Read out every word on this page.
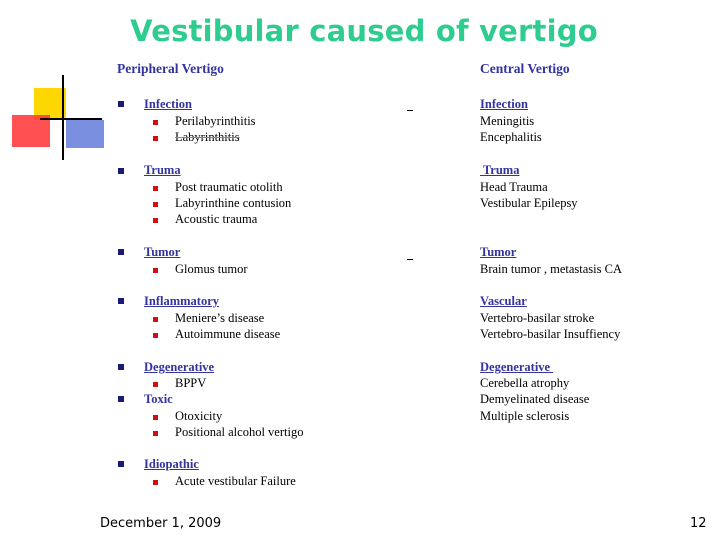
Vestibular caused of vertigo
Peripheral Vertigo
Infection
Perilabyrinthitis
Labyrinthitis
Truma
Post traumatic otolith
Labyrinthine contusion
Acoustic trauma
Tumor
Glomus tumor
Inflammatory
Meniere’s disease
Autoimmune disease
Degenerative
BPPV
Toxic
Otoxicity
Positional alcohol vertigo
Idiopathic
Acute vestibular Failure
Central Vertigo
Infection
Meningitis
Encephalitis
Truma
Head Trauma
Vestibular Epilepsy
Tumor
Brain tumor , metastasis CA
Vascular
Vertebro-basilar stroke
Vertebro-basilar Insuffiency
Degenerative
Cerebella atrophy
Demyelinated disease
Multiple sclerosis
December 1, 2009	12
